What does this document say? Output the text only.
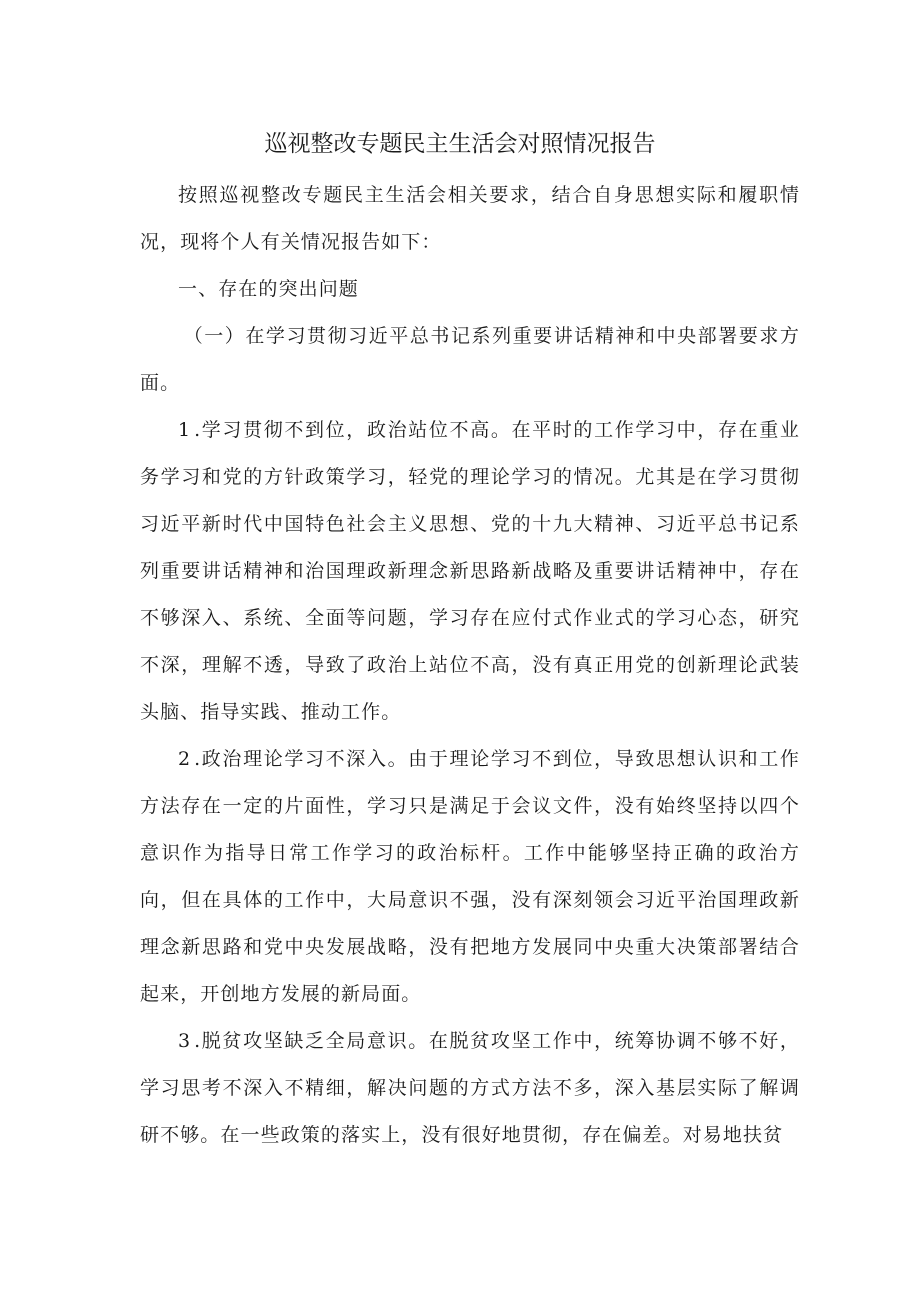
巡视整改专题民主生活会对照情况报告

按照巡视整改专题民主生活会相关要求，结合自身思想实际和履职情况，现将个人有关情况报告如下：

一、存在的突出问题

（一）在学习贯彻习近平总书记系列重要讲话精神和中央部署要求方面。

1.学习贯彻不到位，政治站位不高。在平时的工作学习中，存在重业务学习和党的方针政策学习，轻党的理论学习的情况。尤其是在学习贯彻习近平新时代中国特色社会主义思想、党的十九大精神、习近平总书记系列重要讲话精神和治国理政新理念新思路新战略及重要讲话精神中，存在不够深入、系统、全面等问题，学习存在应付式作业式的学习心态，研究不深，理解不透，导致了政治上站位不高，没有真正用党的创新理论武装头脑、指导实践、推动工作。

2.政治理论学习不深入。由于理论学习不到位，导致思想认识和工作方法存在一定的片面性，学习只是满足于会议文件，没有始终坚持以四个意识作为指导日常工作学习的政治标杆。工作中能够坚持正确的政治方向，但在具体的工作中，大局意识不强，没有深刻领会习近平治国理政新理念新思路和党中央发展战略，没有把地方发展同中央重大决策部署结合起来，开创地方发展的新局面。

3.脱贫攻坚缺乏全局意识。在脱贫攻坚工作中，统筹协调不够不好，学习思考不深入不精细，解决问题的方式方法不多，深入基层实际了解调研不够。在一些政策的落实上，没有很好地贯彻，存在偏差。对易地扶贫
